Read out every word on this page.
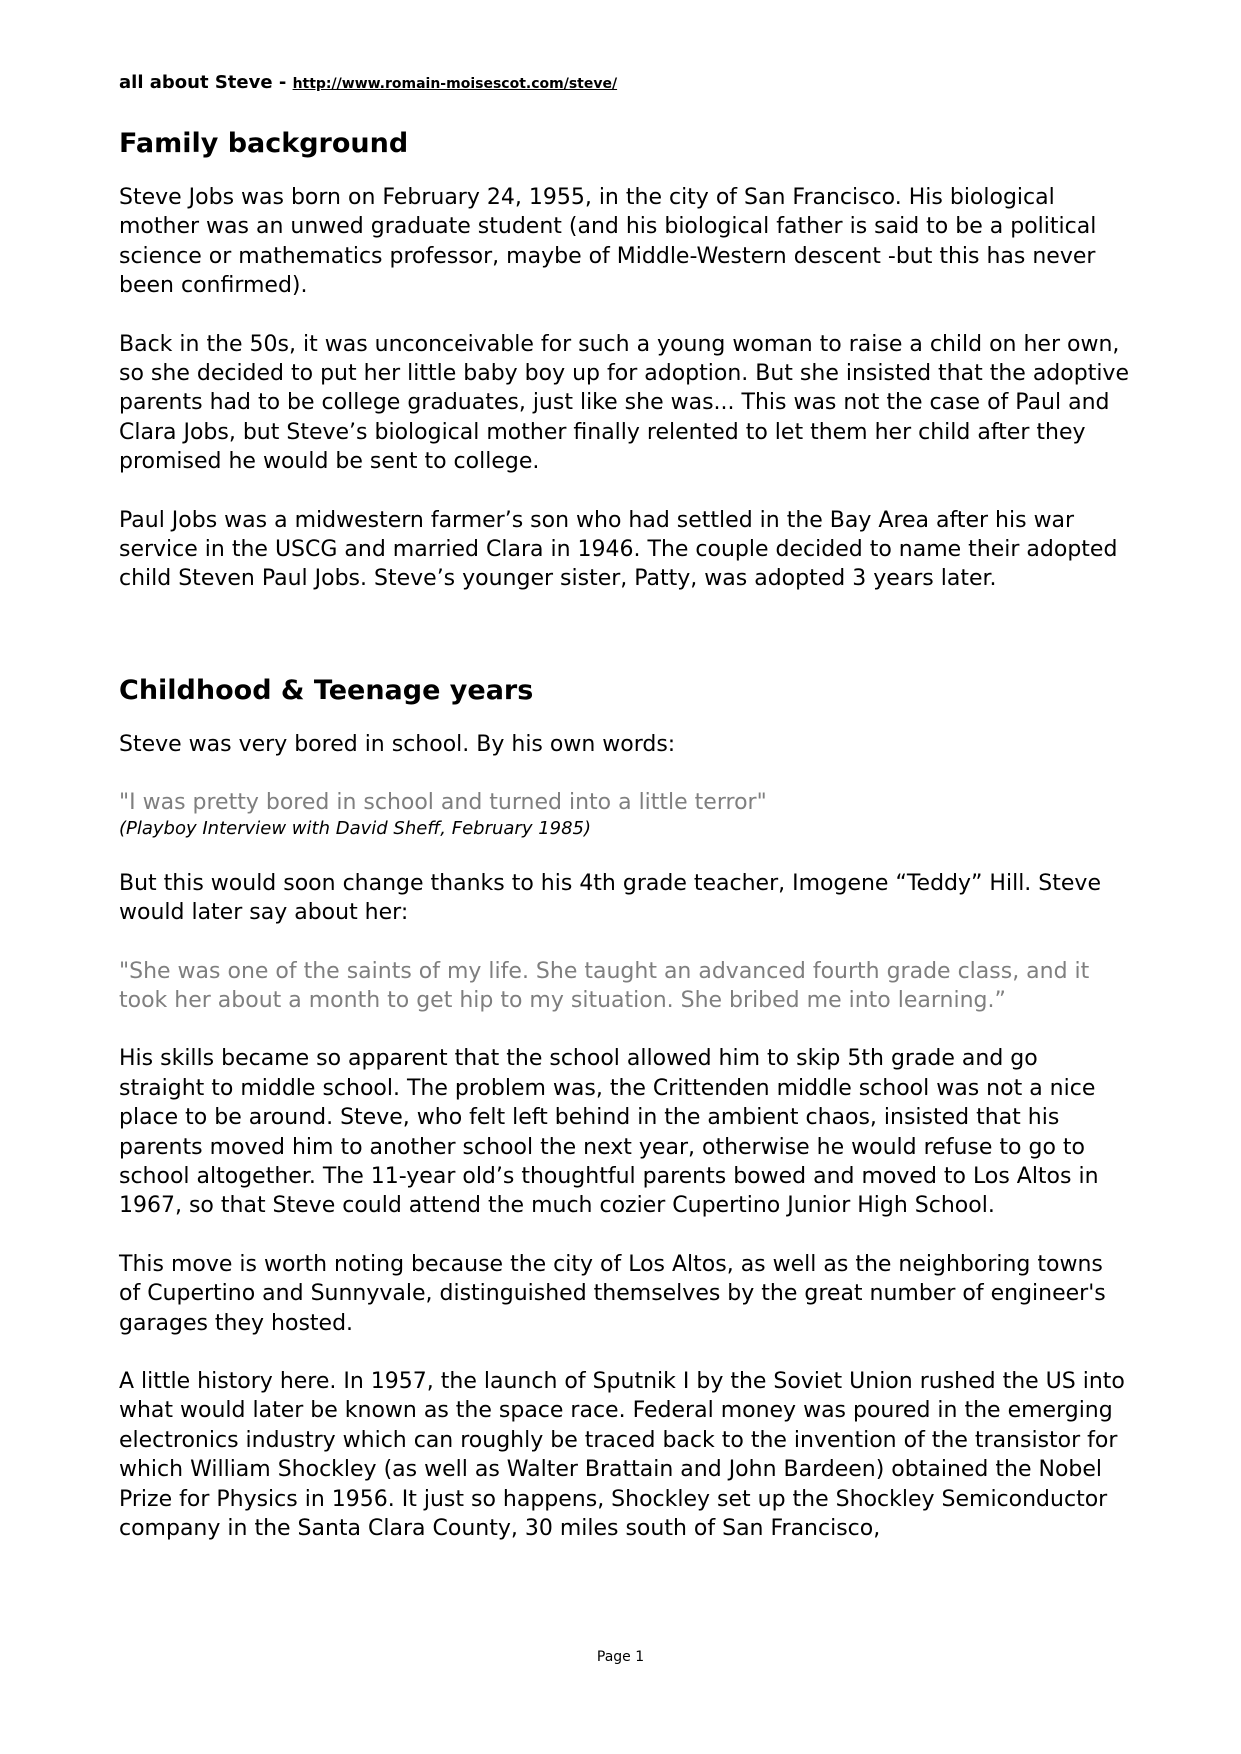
all about Steve - http://www.romain-moisescot.com/steve/
Family background

Steve Jobs was born on February 24, 1955, in the city of San Francisco. His biological mother was an unwed graduate student (and his biological father is said to be a political science or mathematics professor, maybe of Middle-Western descent -but this has never been confirmed).

Back in the 50s, it was unconceivable for such a young woman to raise a child on her own, so she decided to put her little baby boy up for adoption. But she insisted that the adoptive parents had to be college graduates, just like she was... This was not the case of Paul and Clara Jobs, but Steve’s biological mother finally relented to let them her child after they promised he would be sent to college.

Paul Jobs was a midwestern farmer’s son who had settled in the Bay Area after his war service in the USCG and married Clara in 1946. The couple decided to name their adopted child Steven Paul Jobs. Steve’s younger sister, Patty, was adopted 3 years later.

Childhood & Teenage years

Steve was very bored in school. By his own words:

"I was pretty bored in school and turned into a little terror"

(Playboy Interview with David Sheff, February 1985)

But this would soon change thanks to his 4th grade teacher, Imogene “Teddy” Hill. Steve would later say about her:

"She was one of the saints of my life. She taught an advanced fourth grade class, and it took her about a month to get hip to my situation. She bribed me into learning.”

His skills became so apparent that the school allowed him to skip 5th grade and go straight to middle school. The problem was, the Crittenden middle school was not a nice place to be around. Steve, who felt left behind in the ambient chaos, insisted that his parents moved him to another school the next year, otherwise he would refuse to go to school altogether. The 11-year old’s thoughtful parents bowed and moved to Los Altos in 1967, so that Steve could attend the much cozier Cupertino Junior High School.

This move is worth noting because the city of Los Altos, as well as the neighboring towns of Cupertino and Sunnyvale, distinguished themselves by the great number of engineer's garages they hosted.

A little history here. In 1957, the launch of Sputnik I by the Soviet Union rushed the US into what would later be known as the space race. Federal money was poured in the emerging electronics industry which can roughly be traced back to the invention of the transistor for which William Shockley (as well as Walter Brattain and John Bardeen) obtained the Nobel Prize for Physics in 1956. It just so happens, Shockley set up the Shockley Semiconductor company in the Santa Clara County, 30 miles south of San Francisco,

Page 1
